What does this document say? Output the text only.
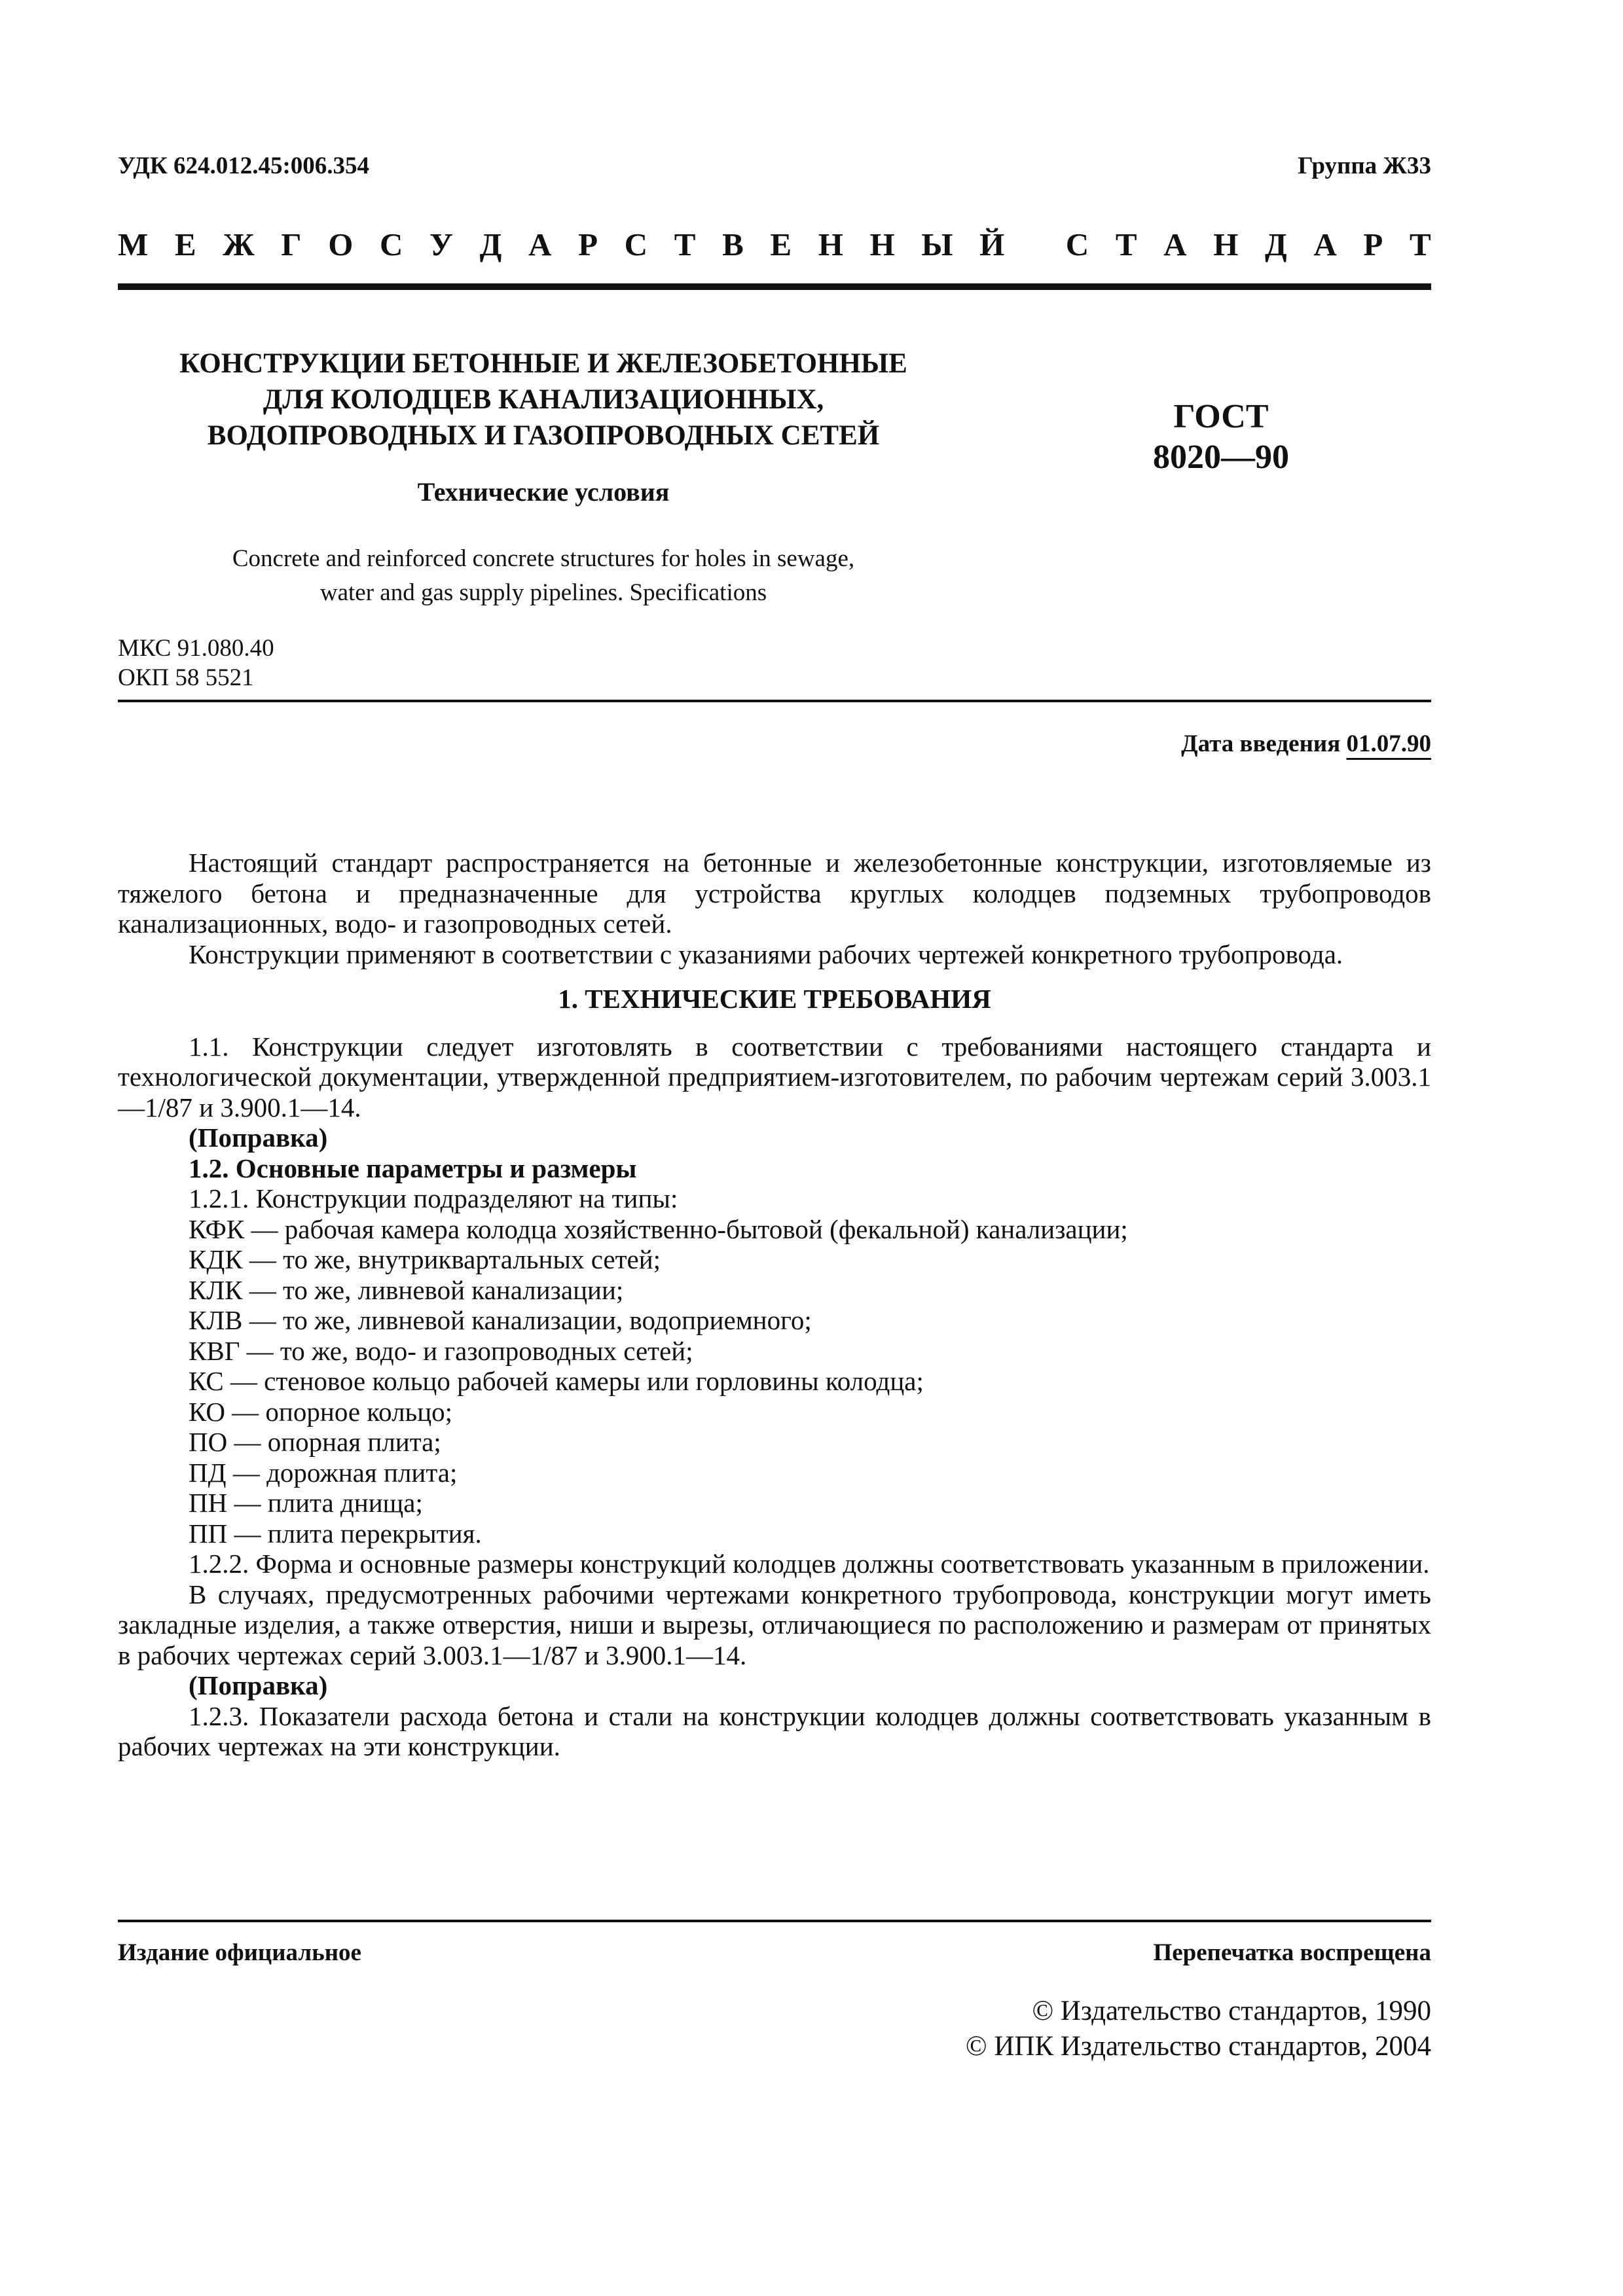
УДК 624.012.45:006.354	Группа Ж33
М Е Ж Г О С У Д А Р С Т В Е Н Н Ы Й
С Т А Н Д А Р Т
КОНСТРУКЦИИ БЕТОННЫЕ И ЖЕЛЕЗОБЕТОННЫЕ
ДЛЯ КОЛОДЦЕВ КАНАЛИЗАЦИОННЫХ,
ВОДОПРОВОДНЫХ И ГАЗОПРОВОДНЫХ СЕТЕЙ
ГОСТ
8020—90
Технические условия
Concrete and reinforced concrete structures for holes in sewage,
water and gas supply pipelines. Specifications
МКС 91.080.40
ОКП 58 5521
Дата введения 01.07.90

Настоящий стандарт распространяется на бетонные и железобетонные конструкции, изготовляемые из тяжелого бетона и предназначенные для устройства круглых колодцев подземных трубопроводов канализационных, водо- и газопроводных сетей.

Конструкции применяют в соответствии с указаниями рабочих чертежей конкретного трубопровода.

1. ТЕХНИЧЕСКИЕ ТРЕБОВАНИЯ

1.1. Конструкции следует изготовлять в соответствии с требованиями настоящего стандарта и технологической документации, утвержденной предприятием-изготовителем, по рабочим чертежам серий 3.003.1—1/87 и 3.900.1—14.

(Поправка)

1.2. Основные параметры и размеры

1.2.1. Конструкции подразделяют на типы:

КФК — рабочая камера колодца хозяйственно-бытовой (фекальной) канализации;

КДК — то же, внутриквартальных сетей;

КЛК — то же, ливневой канализации;

КЛВ — то же, ливневой канализации, водоприемного;

КВГ — то же, водо- и газопроводных сетей;

КС — стеновое кольцо рабочей камеры или горловины колодца;

КО — опорное кольцо;

ПО — опорная плита;

ПД — дорожная плита;

ПН — плита днища;

ПП — плита перекрытия.

1.2.2. Форма и основные размеры конструкций колодцев должны соответствовать указанным в приложении.

В случаях, предусмотренных рабочими чертежами конкретного трубопровода, конструкции могут иметь закладные изделия, а также отверстия, ниши и вырезы, отличающиеся по расположению и размерам от принятых в рабочих чертежах серий 3.003.1—1/87 и 3.900.1—14.

(Поправка)

1.2.3. Показатели расхода бетона и стали на конструкции колодцев должны соответствовать указанным в рабочих чертежах на эти конструкции.

Издание официальное	Перепечатка воспрещена
© Издательство стандартов, 1990
© ИПК Издательство стандартов, 2004
